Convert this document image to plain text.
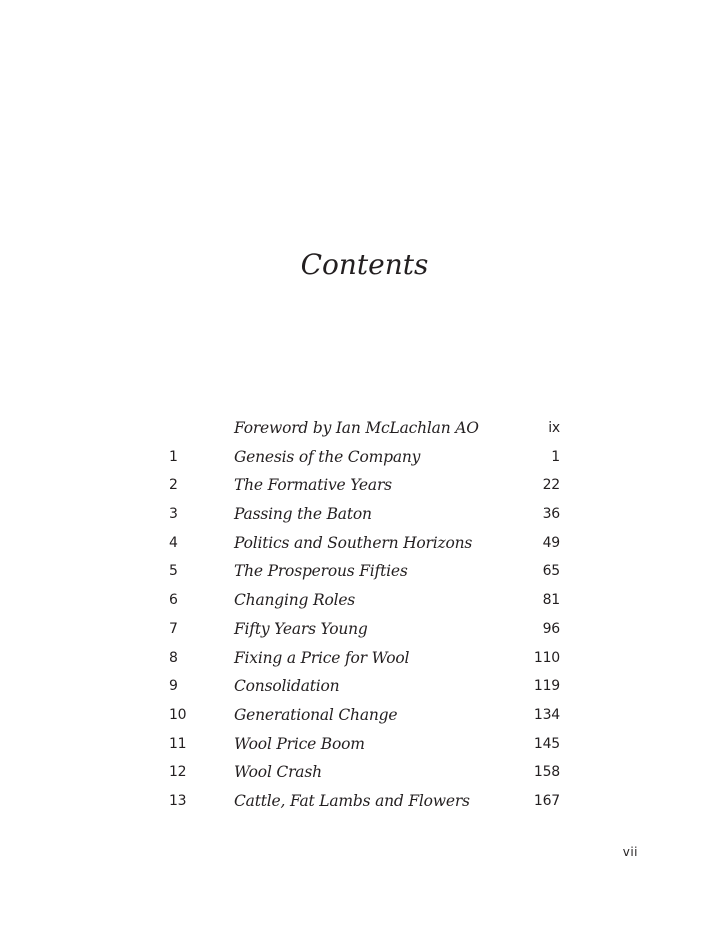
Contents
Foreword by Ian McLachlan AO	ix
1	Genesis of the Company	1
2	The Formative Years	22
3	Passing the Baton	36
4	Politics and Southern Horizons	49
5	The Prosperous Fifties	65
6	Changing Roles	81
7	Fifty Years Young	96
8	Fixing a Price for Wool	110
9	Consolidation	119
10	Generational Change	134
11	Wool Price Boom	145
12	Wool Crash	158
13	Cattle, Fat Lambs and Flowers	167
vii
